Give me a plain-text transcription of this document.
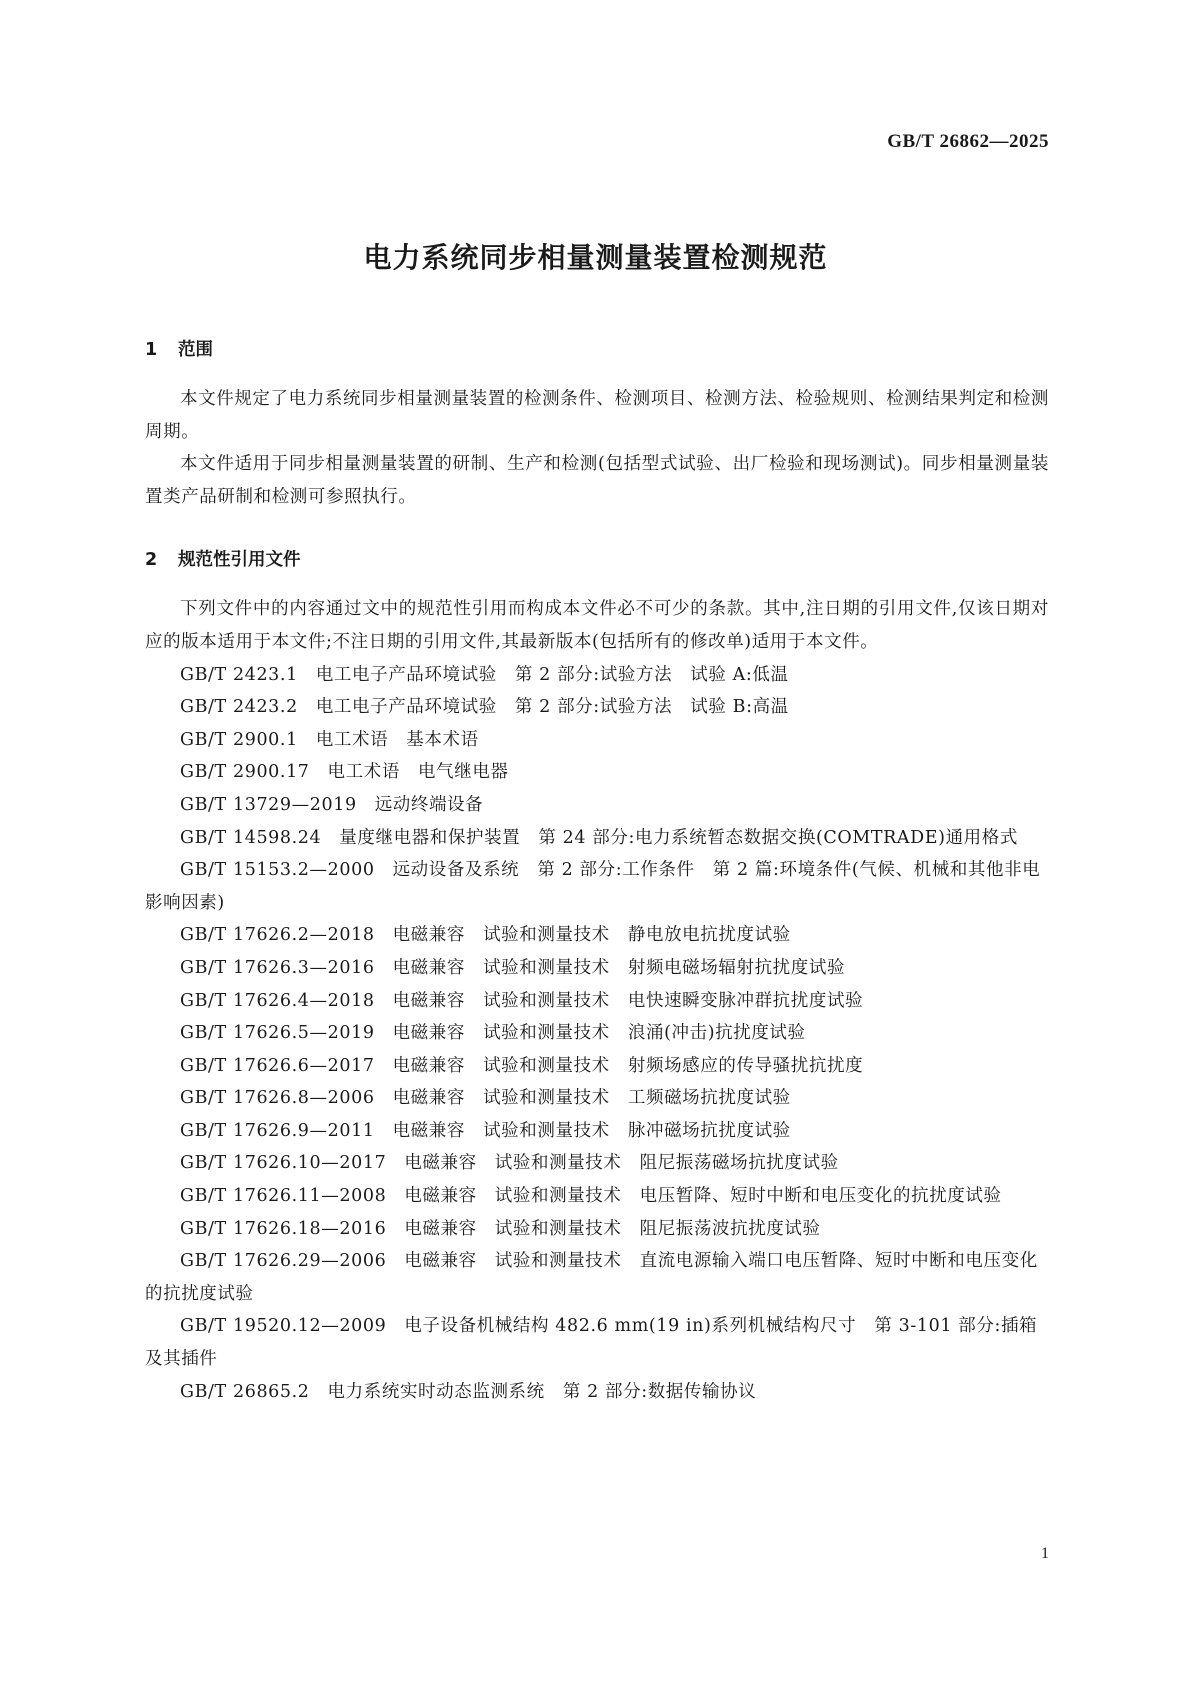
GB/T 26862—2025
电力系统同步相量测量装置检测规范
1 范围

本文件规定了电力系统同步相量测量装置的检测条件、检测项目、检测方法、检验规则、检测结果判定和检测周期。

本文件适用于同步相量测量装置的研制、生产和检测(包括型式试验、出厂检验和现场测试)。同步相量测量装置类产品研制和检测可参照执行。

2 规范性引用文件

下列文件中的内容通过文中的规范性引用而构成本文件必不可少的条款。其中,注日期的引用文件,仅该日期对应的版本适用于本文件;不注日期的引用文件,其最新版本(包括所有的修改单)适用于本文件。

GB/T 2423.1 电工电子产品环境试验　第 2 部分:试验方法　试验 A:低温
GB/T 2423.2 电工电子产品环境试验　第 2 部分:试验方法　试验 B:高温
GB/T 2900.1 电工术语　基本术语
GB/T 2900.17 电工术语　电气继电器
GB/T 13729—2019 远动终端设备
GB/T 14598.24 量度继电器和保护装置　第 24 部分:电力系统暂态数据交换(COMTRADE)通用格式
GB/T 15153.2—2000 远动设备及系统　第 2 部分:工作条件　第 2 篇:环境条件(气候、机械和其他非电影响因素)
GB/T 17626.2—2018 电磁兼容　试验和测量技术　静电放电抗扰度试验
GB/T 17626.3—2016 电磁兼容　试验和测量技术　射频电磁场辐射抗扰度试验
GB/T 17626.4—2018 电磁兼容　试验和测量技术　电快速瞬变脉冲群抗扰度试验
GB/T 17626.5—2019 电磁兼容　试验和测量技术　浪涌(冲击)抗扰度试验
GB/T 17626.6—2017 电磁兼容　试验和测量技术　射频场感应的传导骚扰抗扰度
GB/T 17626.8—2006 电磁兼容　试验和测量技术　工频磁场抗扰度试验
GB/T 17626.9—2011 电磁兼容　试验和测量技术　脉冲磁场抗扰度试验
GB/T 17626.10—2017 电磁兼容　试验和测量技术　阻尼振荡磁场抗扰度试验
GB/T 17626.11—2008 电磁兼容　试验和测量技术　电压暂降、短时中断和电压变化的抗扰度试验
GB/T 17626.18—2016 电磁兼容　试验和测量技术　阻尼振荡波抗扰度试验
GB/T 17626.29—2006 电磁兼容　试验和测量技术　直流电源输入端口电压暂降、短时中断和电压变化的抗扰度试验
GB/T 19520.12—2009 电子设备机械结构 482.6 mm(19 in)系列机械结构尺寸　第 3-101 部分:插箱及其插件
GB/T 26865.2 电力系统实时动态监测系统　第 2 部分:数据传输协议
1
